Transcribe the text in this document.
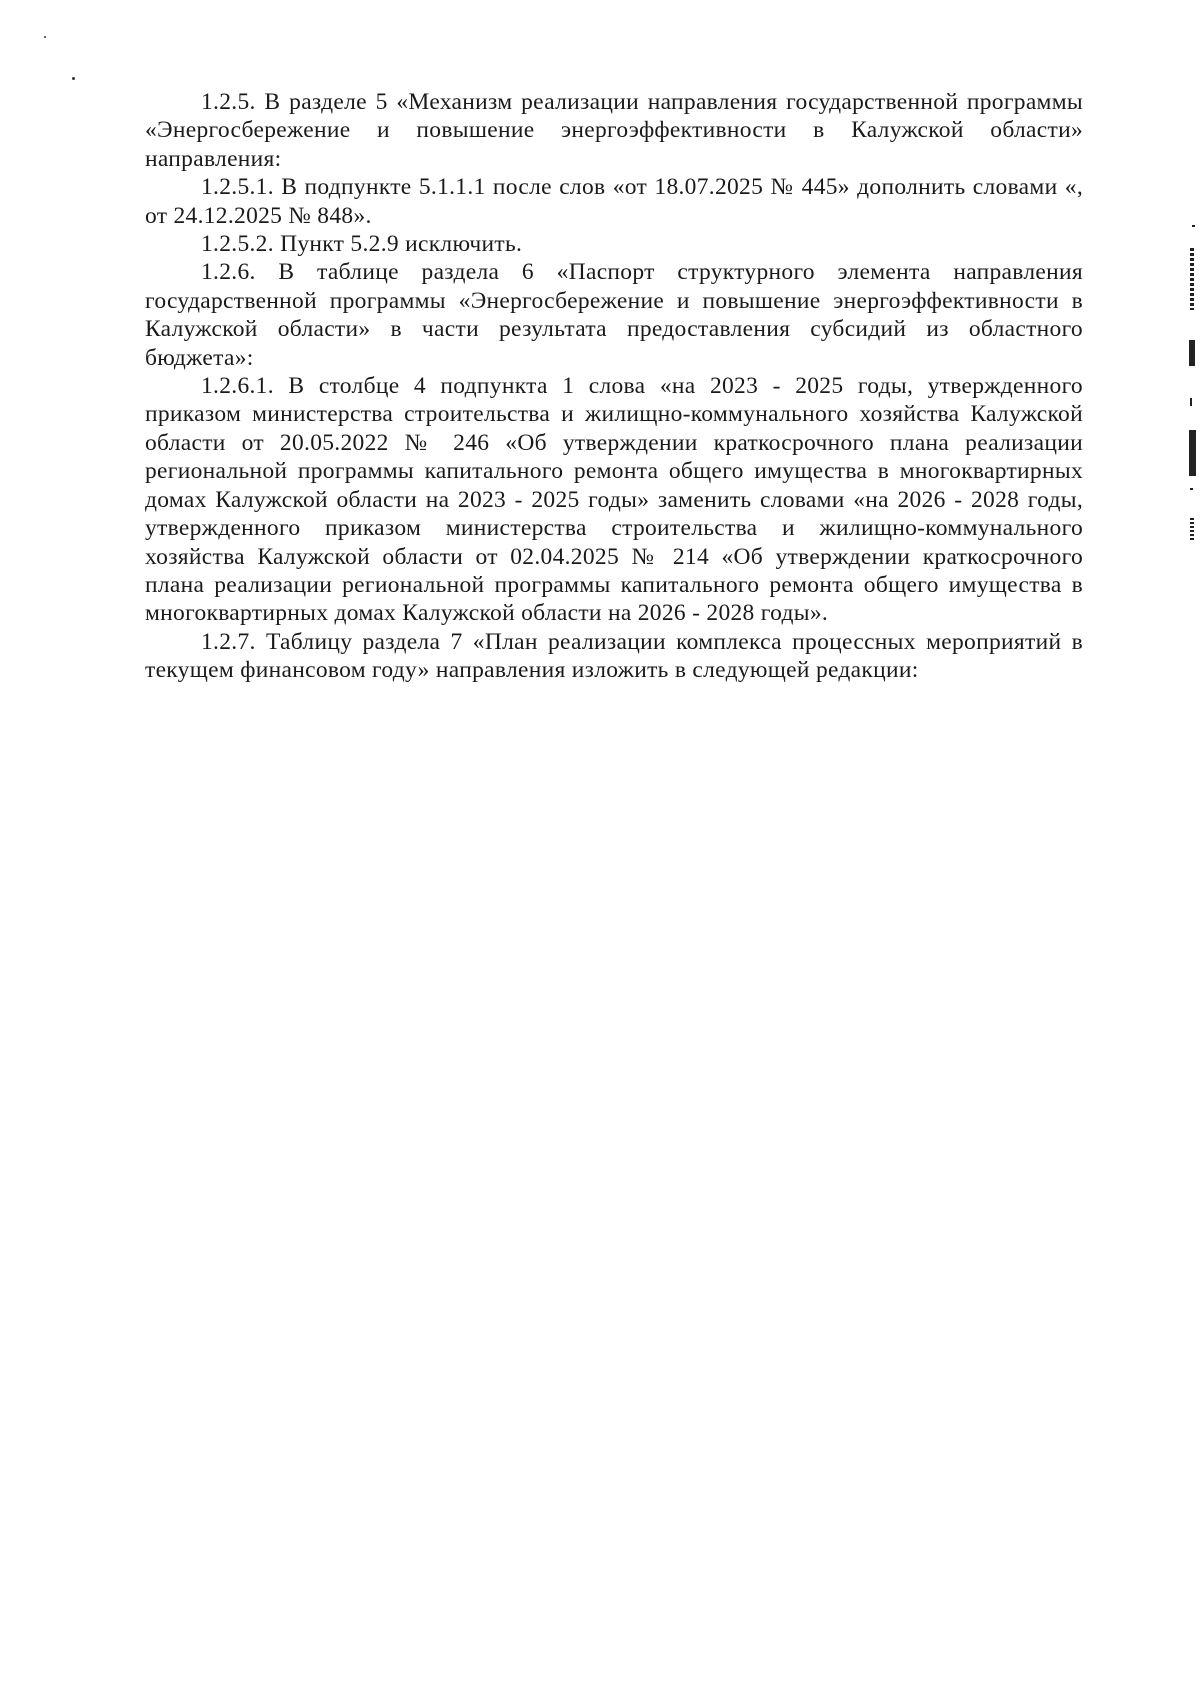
1.2.5. В разделе 5 «Механизм реализации направления государственной программы «Энергосбережение и повышение энергоэффективности в Калужской области» направления:

1.2.5.1. В подпункте 5.1.1.1 после слов «от 18.07.2025 № 445» дополнить словами «, от 24.12.2025 № 848».

1.2.5.2. Пункт 5.2.9 исключить.

1.2.6. В таблице раздела 6 «Паспорт структурного элемента направления государственной программы «Энергосбережение и повышение энергоэффективности в Калужской области» в части результата предоставления субсидий из областного бюджета»:

1.2.6.1. В столбце 4 подпункта 1 слова «на 2023 - 2025 годы, утвержденного приказом министерства строительства и жилищно-коммунального хозяйства Калужской области от 20.05.2022 № 246 «Об утверждении краткосрочного плана реализации региональной программы капитального ремонта общего имущества в многоквартирных домах Калужской области на 2023 - 2025 годы» заменить словами «на 2026 - 2028 годы, утвержденного приказом министерства строительства и жилищно-коммунального хозяйства Калужской области от 02.04.2025 № 214 «Об утверждении краткосрочного плана реализации региональной программы капитального ремонта общего имущества в многоквартирных домах Калужской области на 2026 - 2028 годы».

1.2.7. Таблицу раздела 7 «План реализации комплекса процессных мероприятий в текущем финансовом году» направления изложить в следующей редакции:
